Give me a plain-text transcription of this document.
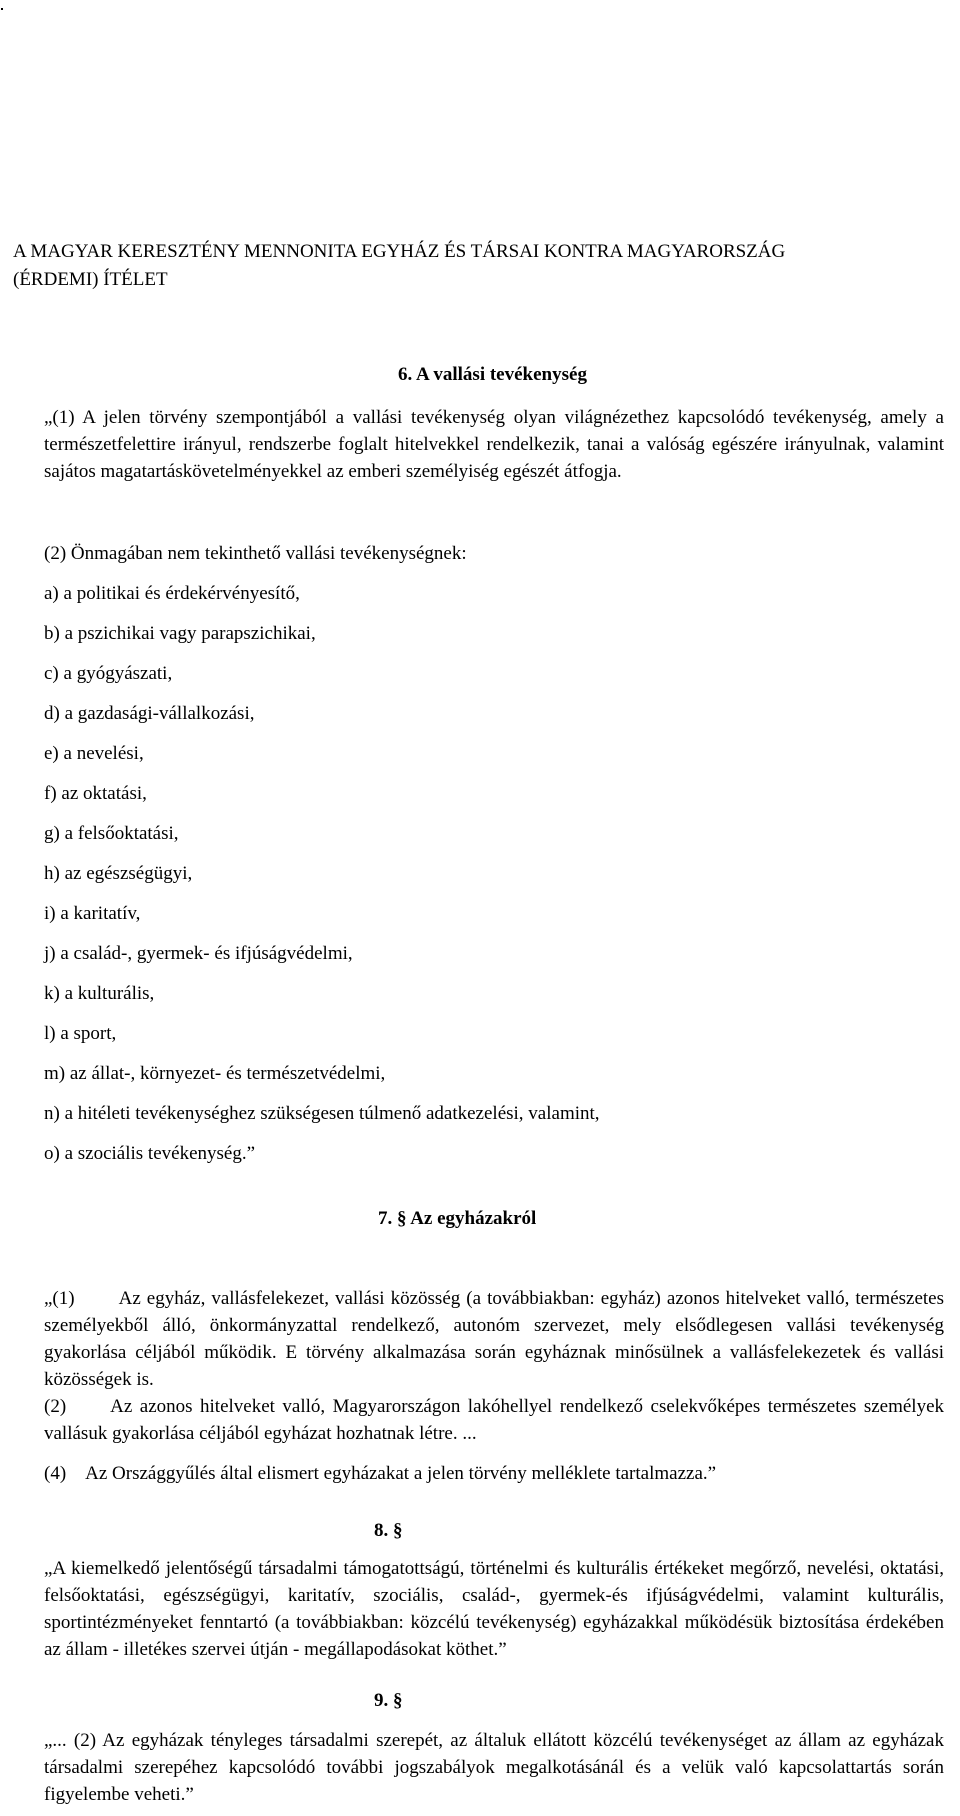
A MAGYAR KERESZTÉNY MENNONITA EGYHÁZ ÉS TÁRSAI KONTRA MAGYARORSZÁG
(ÉRDEMI) ÍTÉLET
6. A vallási tevékenység
„(1) A jelen törvény szempontjából a vallási tevékenység olyan világnézethez kapcsolódó tevékenység, amely a természetfelettire irányul, rendszerbe foglalt hitelvekkel rendelkezik, tanai a valóság egészére irányulnak, valamint sajátos magatartáskövetelményekkel az emberi személyiség egészét átfogja.
(2) Önmagában nem tekinthető vallási tevékenységnek:
a) a politikai és érdekérvényesítő,
b) a pszichikai vagy parapszichikai,
c) a gyógyászati,
d) a gazdasági-vállalkozási,
e) a nevelési,
f) az oktatási,
g) a felsőoktatási,
h) az egészségügyi,
i) a karitatív,
j) a család-, gyermek- és ifjúságvédelmi,
k) a kulturális,
l) a sport,
m) az állat-, környezet- és természetvédelmi,
n) a hitéleti tevékenységhez szükségesen túlmenő adatkezelési, valamint,
o) a szociális tevékenység.”
7. § Az egyházakról
„(1) Az egyház, vallásfelekezet, vallási közösség (a továbbiakban: egyház) azonos hitelveket valló, természetes személyekből álló, önkormányzattal rendelkező, autonóm szervezet, mely elsődlegesen vallási tevékenység gyakorlása céljából működik. E törvény alkalmazása során egyháznak minősülnek a vallásfelekezetek és vallási közösségek is.
(2) Az azonos hitelveket valló, Magyarországon lakóhellyel rendelkező cselekvőképes természetes személyek vallásuk gyakorlása céljából egyházat hozhatnak létre. ...
(4) Az Országgyűlés által elismert egyházakat a jelen törvény melléklete tartalmazza.”
8. §
„A kiemelkedő jelentőségű társadalmi támogatottságú, történelmi és kulturális értékeket megőrző, nevelési, oktatási, felsőoktatási, egészségügyi, karitatív, szociális, család-, gyermek-és ifjúságvédelmi, valamint kulturális, sportintézményeket fenntartó (a továbbiakban: közcélú tevékenység) egyházakkal működésük biztosítása érdekében az állam - illetékes szervei útján - megállapodásokat köthet.”
9. §
„... (2) Az egyházak tényleges társadalmi szerepét, az általuk ellátott közcélú tevékenységet az állam az egyházak társadalmi szerepéhez kapcsolódó további jogszabályok megalkotásánál és a velük való kapcsolattartás során figyelembe veheti.”
